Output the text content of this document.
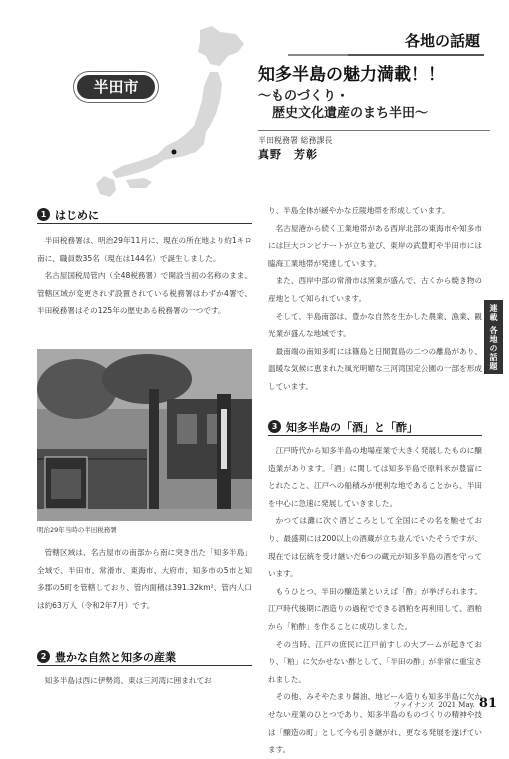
各地の話題
半田市
知多半島の魅力満載！！
～ものづくり・
歴史文化遺産のまち半田～
半田税務署 総務課長
真野　芳彰
1 はじめに

半田税務署は、明治29年11月に、現在の所在地より約1キロ南に、職員数35名（現在は144名）で誕生しました。

名古屋国税局管内（全48税務署）で開設当初の名称のまま、管轄区域が変更されず設置されている税務署はわずか4署で、半田税務署はその125年の歴史ある税務署の一つです。

明治29年当時の半田税務署

管轄区域は、名古屋市の南部から南に突き出た「知多半島」全域で、半田市、常滑市、東海市、大府市、知多市の5市と知多郡の5町を管轄しており、管内面積は391.32km²、管内人口は約63万人（令和2年7月）です。

2 豊かな自然と知多の産業

知多半島は西に伊勢湾、東は三河湾に囲まれてお

り、半島全体が緩やかな丘陵地帯を形成しています。

名古屋港から続く工業地帯がある西岸北部の東海市や知多市には巨大コンビナートが立ち並び、東岸の武豊町や半田市には臨海工業地帯が発達しています。

また、西岸中部の常滑市は窯業が盛んで、古くから焼き物の産地として知られています。

そして、半島南部は、豊かな自然を生かした農業、漁業、観光業が盛んな地域です。

最南端の南知多町には篠島と日間賀島の二つの離島があり、温暖な気候に恵まれた風光明媚な三河湾国定公園の一部を形成しています。

3 知多半島の「酒」と「酢」

江戸時代から知多半島の地場産業で大きく発展したものに醸造業があります。「酒」に関しては知多半島で原料米が豊富にとれたこと、江戸への船積みが便利な地であることから、半田を中心に急速に発展していきました。

かつては灘に次ぐ酒どころとして全国にその名を馳せており、最盛期には200以上の酒蔵が立ち並んでいたそうですが、現在では伝統を受け継いだ6つの蔵元が知多半島の酒を守っています。

もうひとつ、半田の醸造業といえば「酢」が挙げられます。江戸時代後期に酒造りの過程でできる酒粕を再利用して、酒粕から「粕酢」を作ることに成功しました。

その当時、江戸の庶民に江戸前すしの大ブームが起きており、「粕」に欠かせない酢として、「半田の酢」が非常に重宝されました。

その他、みそやたまり醤油、地ビール造りも知多半島に欠かせない産業のひとつであり、知多半島のものづくりの精神や技は「醸造の町」として今も引き継がれ、更なる発展を遂げています。

連載 各地の話題
ファイナンス 2021 May. 81
